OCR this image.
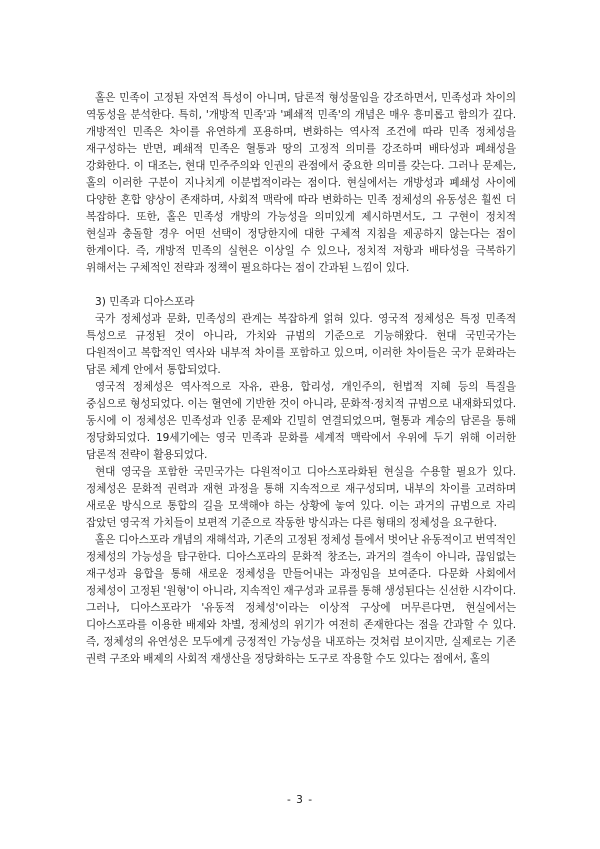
홀은 민족이 고정된 자연적 특성이 아니며, 담론적 형성물임을 강조하면서, 민족성과 차이의 역동성을 분석한다. 특히, '개방적 민족'과 '폐쇄적 민족'의 개념은 매우 흥미롭고 함의가 깊다. 개방적인 민족은 차이를 유연하게 포용하며, 변화하는 역사적 조건에 따라 민족 정체성을 재구성하는 반면, 폐쇄적 민족은 혈통과 땅의 고정적 의미를 강조하며 배타성과 폐쇄성을 강화한다. 이 대조는, 현대 민주주의와 인권의 관점에서 중요한 의미를 갖는다. 그러나 문제는, 홀의 이러한 구분이 지나치게 이분법적이라는 점이다. 현실에서는 개방성과 폐쇄성 사이에 다양한 혼합 양상이 존재하며, 사회적 맥락에 따라 변화하는 민족 정체성의 유동성은 훨씬 더 복잡하다. 또한, 홀은 민족성 개방의 가능성을 의미있게 제시하면서도, 그 구현이 정치적 현실과 충돌할 경우 어떤 선택이 정당한지에 대한 구체적 지침을 제공하지 않는다는 점이 한계이다. 즉, 개방적 민족의 실현은 이상일 수 있으나, 정치적 저항과 배타성을 극복하기 위해서는 구체적인 전략과 정책이 필요하다는 점이 간과된 느낌이 있다.

3) 민족과 디아스포라

국가 정체성과 문화, 민족성의 관계는 복잡하게 얽혀 있다. 영국적 정체성은 특정 민족적 특성으로 규정된 것이 아니라, 가치와 규범의 기준으로 기능해왔다. 현대 국민국가는 다원적이고 복합적인 역사와 내부적 차이를 포함하고 있으며, 이러한 차이들은 국가 문화라는 담론 체계 안에서 통합되었다.

영국적 정체성은 역사적으로 자유, 관용, 합리성, 개인주의, 헌법적 지혜 등의 특질을 중심으로 형성되었다. 이는 혈연에 기반한 것이 아니라, 문화적·정치적 규범으로 내재화되었다. 동시에 이 정체성은 민족성과 인종 문제와 긴밀히 연결되었으며, 혈통과 계승의 담론을 통해 정당화되었다. 19세기에는 영국 민족과 문화를 세계적 맥락에서 우위에 두기 위해 이러한 담론적 전략이 활용되었다.

현대 영국을 포함한 국민국가는 다원적이고 디아스포라화된 현실을 수용할 필요가 있다. 정체성은 문화적 권력과 재현 과정을 통해 지속적으로 재구성되며, 내부의 차이를 고려하며 새로운 방식으로 통합의 길을 모색해야 하는 상황에 놓여 있다. 이는 과거의 규범으로 자리 잡았던 영국적 가치들이 보편적 기준으로 작동한 방식과는 다른 형태의 정체성을 요구한다.

홀은 디아스포라 개념의 재해석과, 기존의 고정된 정체성 틀에서 벗어난 유동적이고 번역적인 정체성의 가능성을 탐구한다. 디아스포라의 문화적 창조는, 과거의 결속이 아니라, 끊임없는 재구성과 융합을 통해 새로운 정체성을 만들어내는 과정임을 보여준다. 다문화 사회에서 정체성이 고정된 '원형'이 아니라, 지속적인 재구성과 교류를 통해 생성된다는 신선한 시각이다. 그러나, 디아스포라가 '유동적 정체성'이라는 이상적 구상에 머무른다면, 현실에서는 디아스포라를 이용한 배제와 차별, 정체성의 위기가 여전히 존재한다는 점을 간과할 수 있다. 즉, 정체성의 유연성은 모두에게 긍정적인 가능성을 내포하는 것처럼 보이지만, 실제로는 기존 권력 구조와 배제의 사회적 재생산을 정당화하는 도구로 작용할 수도 있다는 점에서, 홀의

- 3 -
